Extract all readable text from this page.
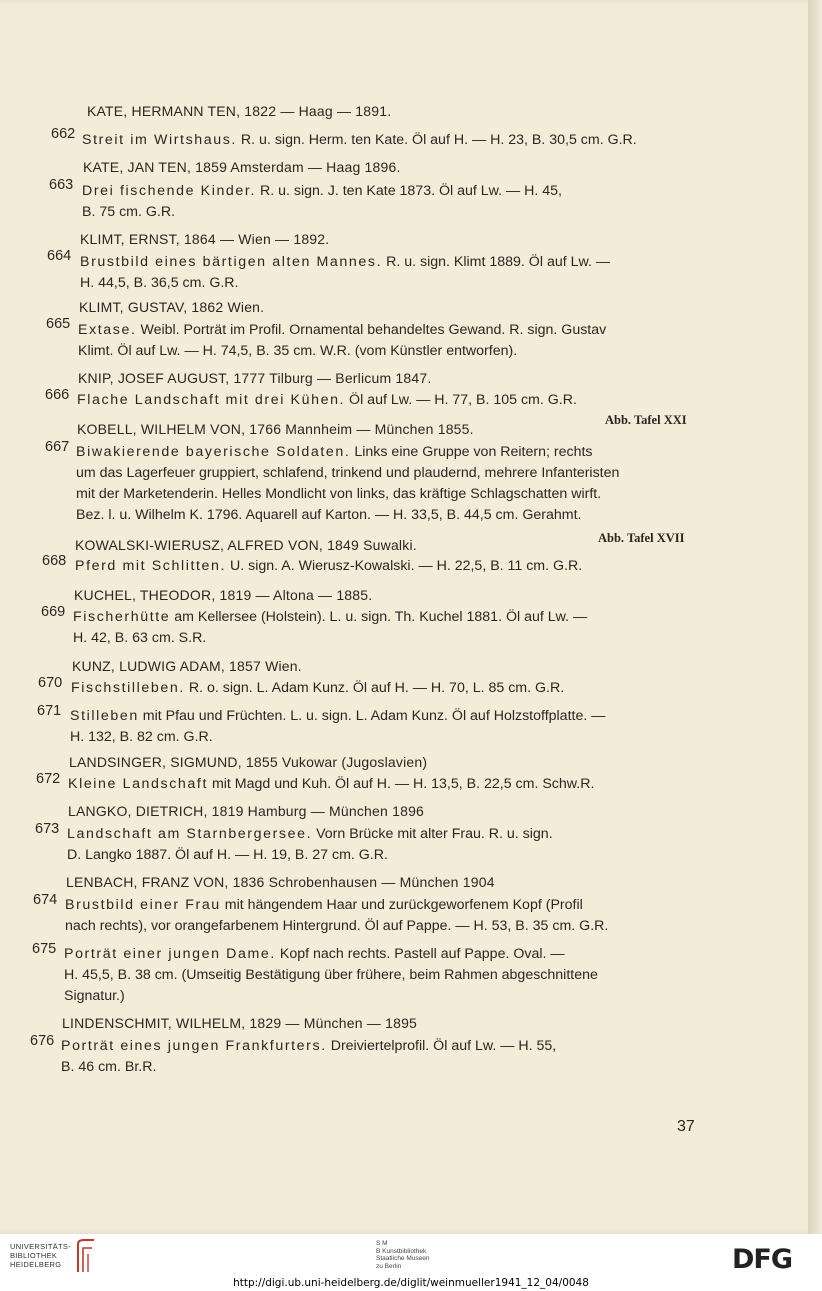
KATE, HERMANN TEN, 1822 — Haag — 1891.
662 Streit im Wirtshaus. R. u. sign. Herm. ten Kate. Öl auf H. — H. 23, B. 30,5 cm. G.R.
KATE, JAN TEN, 1859 Amsterdam — Haag 1896.
663 Drei fischende Kinder. R. u. sign. J. ten Kate 1873. Öl auf Lw. — H. 45,
B. 75 cm. G.R.
KLIMT, ERNST, 1864 — Wien — 1892.
664 Brustbild eines bärtigen alten Mannes. R. u. sign. Klimt 1889. Öl auf Lw. —
H. 44,5, B. 36,5 cm. G.R.
KLIMT, GUSTAV, 1862 Wien.
665 Extase. Weibl. Porträt im Profil. Ornamental behandeltes Gewand. R. sign. Gustav
Klimt. Öl auf Lw. — H. 74,5, B. 35 cm. W.R. (vom Künstler entworfen).
KNIP, JOSEF AUGUST, 1777 Tilburg — Berlicum 1847.
666 Flache Landschaft mit drei Kühen. Öl auf Lw. — H. 77, B. 105 cm. G.R.
Abb. Tafel XXI
KOBELL, WILHELM VON, 1766 Mannheim — München 1855.
667 Biwakierende bayerische Soldaten. Links eine Gruppe von Reitern; rechts
um das Lagerfeuer gruppiert, schlafend, trinkend und plaudernd, mehrere Infanteristen
mit der Marketenderin. Helles Mondlicht von links, das kräftige Schlagschatten wirft.
Bez. l. u. Wilhelm K. 1796. Aquarell auf Karton. — H. 33,5, B. 44,5 cm. Gerahmt.
Abb. Tafel XVII
KOWALSKI-WIERUSZ, ALFRED VON, 1849 Suwalki.
668 Pferd mit Schlitten. U. sign. A. Wierusz-Kowalski. — H. 22,5, B. 11 cm. G.R.
KUCHEL, THEODOR, 1819 — Altona — 1885.
669 Fischerhütte am Kellersee (Holstein). L. u. sign. Th. Kuchel 1881. Öl auf Lw. —
H. 42, B. 63 cm. S.R.
KUNZ, LUDWIG ADAM, 1857 Wien.
670 Fischstilleben. R. o. sign. L. Adam Kunz. Öl auf H. — H. 70, L. 85 cm. G.R.
671 Stilleben mit Pfau und Früchten. L. u. sign. L. Adam Kunz. Öl auf Holzstoffplatte. —
H. 132, B. 82 cm. G.R.
LANDSINGER, SIGMUND, 1855 Vukowar (Jugoslavien)
672 Kleine Landschaft mit Magd und Kuh. Öl auf H. — H. 13,5, B. 22,5 cm. Schw.R.
LANGKO, DIETRICH, 1819 Hamburg — München 1896
673 Landschaft am Starnbergersee. Vorn Brücke mit alter Frau. R. u. sign.
D. Langko 1887. Öl auf H. — H. 19, B. 27 cm. G.R.
LENBACH, FRANZ VON, 1836 Schrobenhausen — München 1904
674 Brustbild einer Frau mit hängendem Haar und zurückgeworfenem Kopf (Profil
nach rechts), vor orangefarbenem Hintergrund. Öl auf Pappe. — H. 53, B. 35 cm. G.R.
675 Porträt einer jungen Dame. Kopf nach rechts. Pastell auf Pappe. Oval. —
H. 45,5, B. 38 cm. (Umseitig Bestätigung über frühere, beim Rahmen abgeschnittene
Signatur.)
LINDENSCHMIT, WILHELM, 1829 — München — 1895
676 Porträt eines jungen Frankfurters. Dreiviertelprofil. Öl auf Lw. — H. 55,
B. 46 cm. Br.R.
37
UNIVERSITÄTS-
BIBLIOTHEK
HEIDELBERG
S M
B Kunstbibliothek
Staatliche Museen
zu Berlin	DFG
http://digi.ub.uni-heidelberg.de/diglit/weinmueller1941_12_04/0048
